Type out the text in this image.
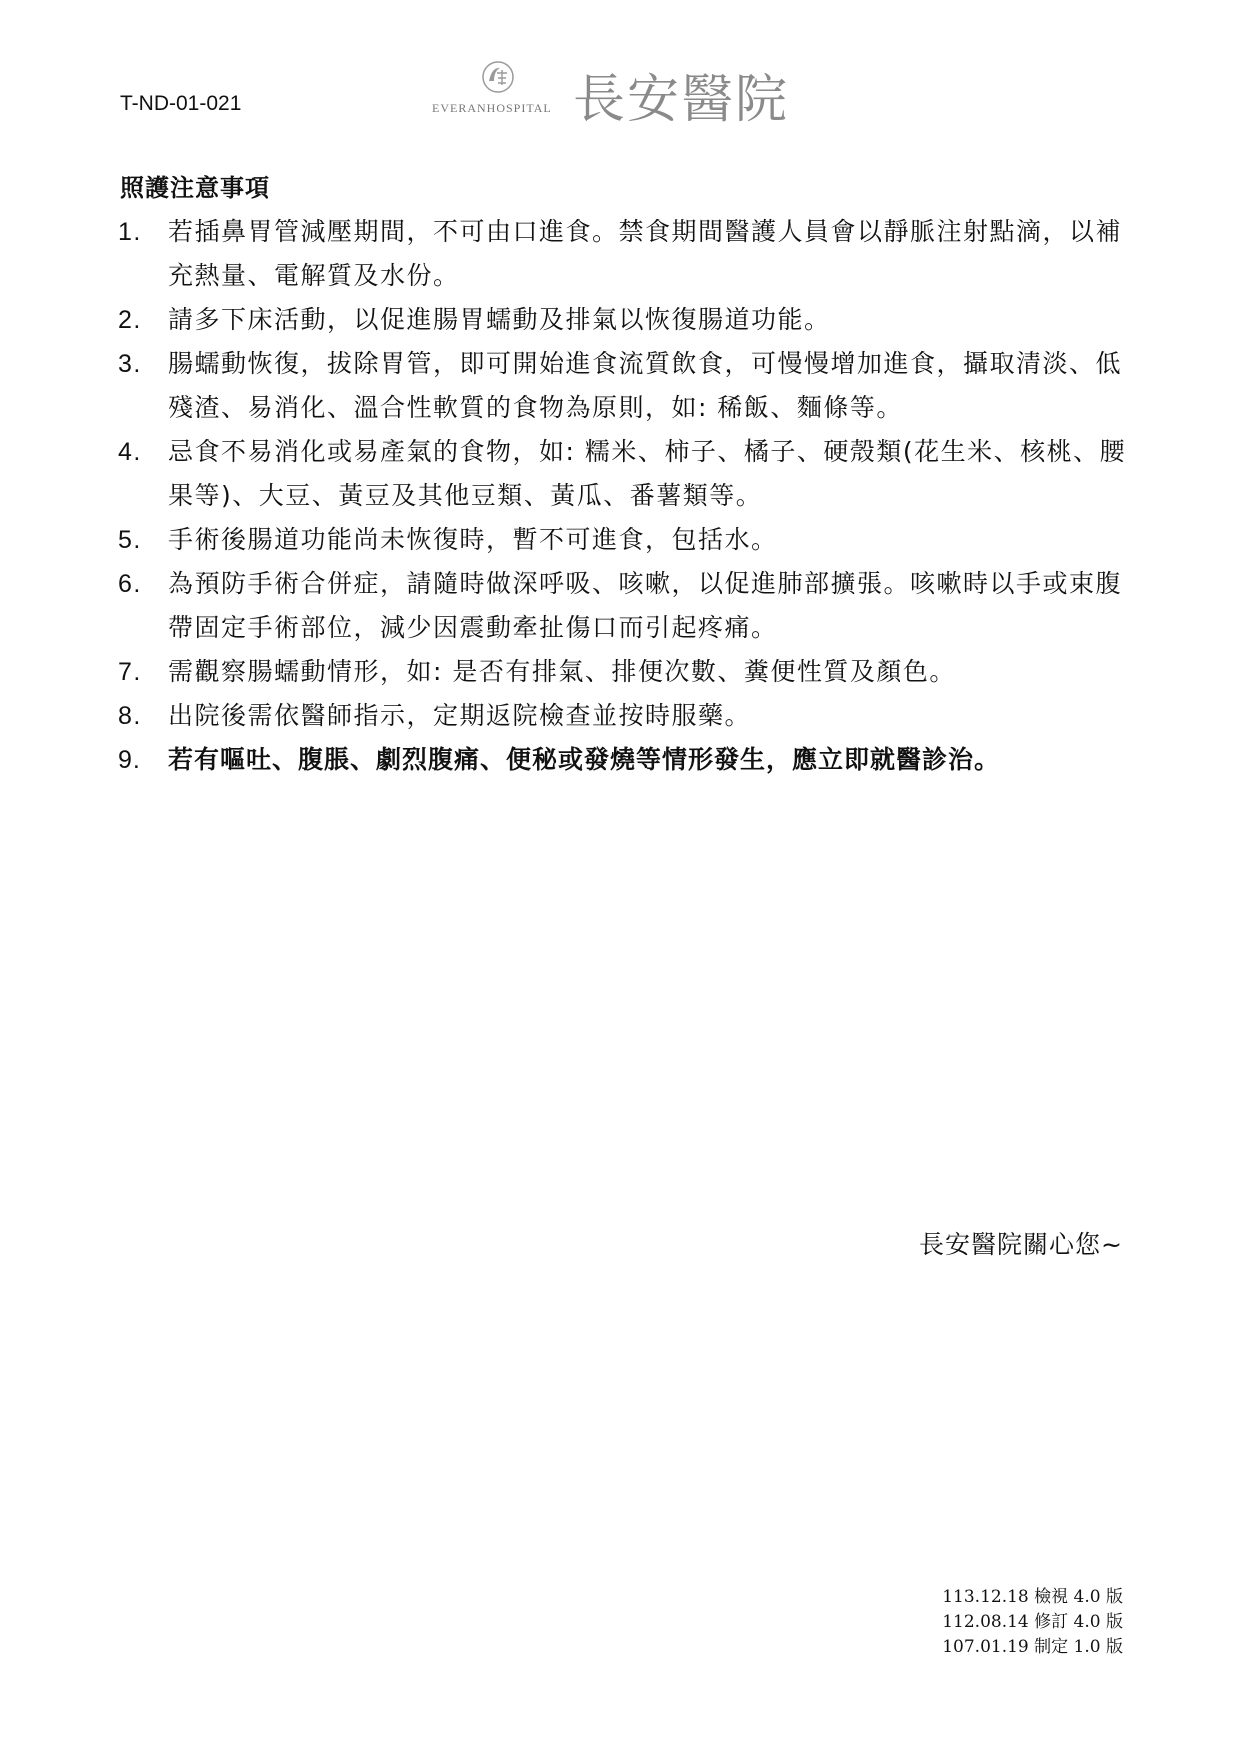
T-ND-01-021	EVERANHOSPITAL 長安醫院
照護注意事項
1.	若插鼻胃管減壓期間，不可由口進食。禁食期間醫護人員會以靜脈注射點滴，以補充熱量、電解質及水份。
2.	請多下床活動，以促進腸胃蠕動及排氣以恢復腸道功能。
3.	腸蠕動恢復，拔除胃管，即可開始進食流質飲食，可慢慢增加進食，攝取清淡、低殘渣、易消化、溫合性軟質的食物為原則，如: 稀飯、麵條等。
4.	忌食不易消化或易產氣的食物，如: 糯米、柿子、橘子、硬殼類(花生米、核桃、腰果等)、大豆、黃豆及其他豆類、黃瓜、番薯類等。
5.	手術後腸道功能尚未恢復時，暫不可進食，包括水。
6.	為預防手術合併症，請隨時做深呼吸、咳嗽，以促進肺部擴張。咳嗽時以手或束腹帶固定手術部位，減少因震動牽扯傷口而引起疼痛。
7.	需觀察腸蠕動情形，如: 是否有排氣、排便次數、糞便性質及顏色。
8.	出院後需依醫師指示，定期返院檢查並按時服藥。
9.	若有嘔吐、腹脹、劇烈腹痛、便秘或發燒等情形發生，應立即就醫診治。
長安醫院關心您~
113.12.18 檢視 4.0 版
112.08.14 修訂 4.0 版
107.01.19 制定 1.0 版
